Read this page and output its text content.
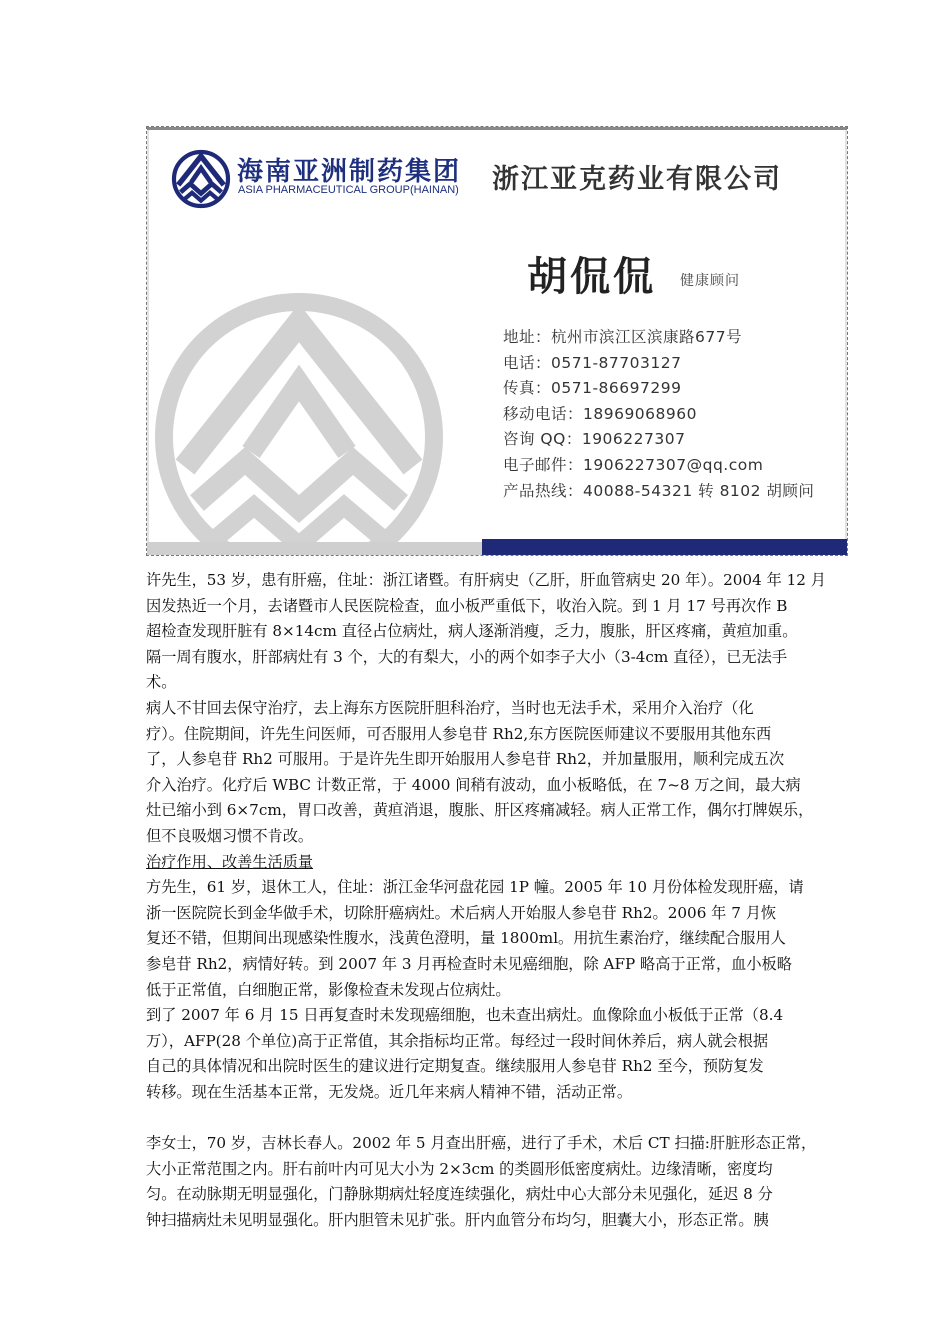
海南亚洲制药集团
ASIA PHARMACEUTICAL GROUP(HAINAN) 浙江亚克药业有限公司
胡侃侃 健康顾问
地址：杭州市滨江区滨康路677号
电话：0571-87703127
传真：0571-86697299
移动电话：18969068960
咨询 QQ：1906227307
电子邮件：1906227307@qq.com
产品热线：40088-54321 转 8102 胡顾问
许先生，53 岁，患有肝癌，住址：浙江诸暨。有肝病史（乙肝，肝血管病史 20 年）。2004 年 12 月
因发热近一个月，去诸暨市人民医院检查，血小板严重低下，收治入院。到 1 月 17 号再次作 B
超检查发现肝脏有 8×14cm 直径占位病灶，病人逐渐消瘦，乏力，腹胀，肝区疼痛，黄疸加重。
隔一周有腹水，肝部病灶有 3 个，大的有梨大，小的两个如李子大小（3-4cm 直径），已无法手
术。
病人不甘回去保守治疗，去上海东方医院肝胆科治疗，当时也无法手术，采用介入治疗（化
疗）。住院期间，许先生问医师，可否服用人参皂苷 Rh2,东方医院医师建议不要服用其他东西
了，人参皂苷 Rh2 可服用。于是许先生即开始服用人参皂苷 Rh2，并加量服用，顺利完成五次
介入治疗。化疗后 WBC 计数正常，于 4000 间稍有波动，血小板略低，在 7~8 万之间，最大病
灶已缩小到 6×7cm，胃口改善，黄疸消退，腹胀、肝区疼痛减轻。病人正常工作，偶尔打牌娱乐，
但不良吸烟习惯不肯改。
治疗作用、改善生活质量
方先生，61 岁，退休工人，住址：浙江金华河盘花园 1P 幢。2005 年 10 月份体检发现肝癌，请
浙一医院院长到金华做手术，切除肝癌病灶。术后病人开始服人参皂苷 Rh2。2006 年 7 月恢
复还不错，但期间出现感染性腹水，浅黄色澄明，量 1800ml。用抗生素治疗，继续配合服用人
参皂苷 Rh2，病情好转。到 2007 年 3 月再检查时未见癌细胞，除 AFP 略高于正常，血小板略
低于正常值，白细胞正常，影像检查未发现占位病灶。
到了 2007 年 6 月 15 日再复查时未发现癌细胞，也未查出病灶。血像除血小板低于正常（8.4
万），AFP(28 个单位)高于正常值，其余指标均正常。每经过一段时间休养后，病人就会根据
自己的具体情况和出院时医生的建议进行定期复查。继续服用人参皂苷 Rh2 至今，预防复发
转移。现在生活基本正常，无发烧。近几年来病人精神不错，活动正常。
李女士，70 岁，吉林长春人。2002 年 5 月查出肝癌，进行了手术，术后 CT 扫描:肝脏形态正常，
大小正常范围之内。肝右前叶内可见大小为 2×3cm 的类圆形低密度病灶。边缘清晰，密度均
匀。在动脉期无明显强化，门静脉期病灶轻度连续强化，病灶中心大部分未见强化，延迟 8 分
钟扫描病灶未见明显强化。肝内胆管未见扩张。肝内血管分布均匀，胆囊大小，形态正常。胰
